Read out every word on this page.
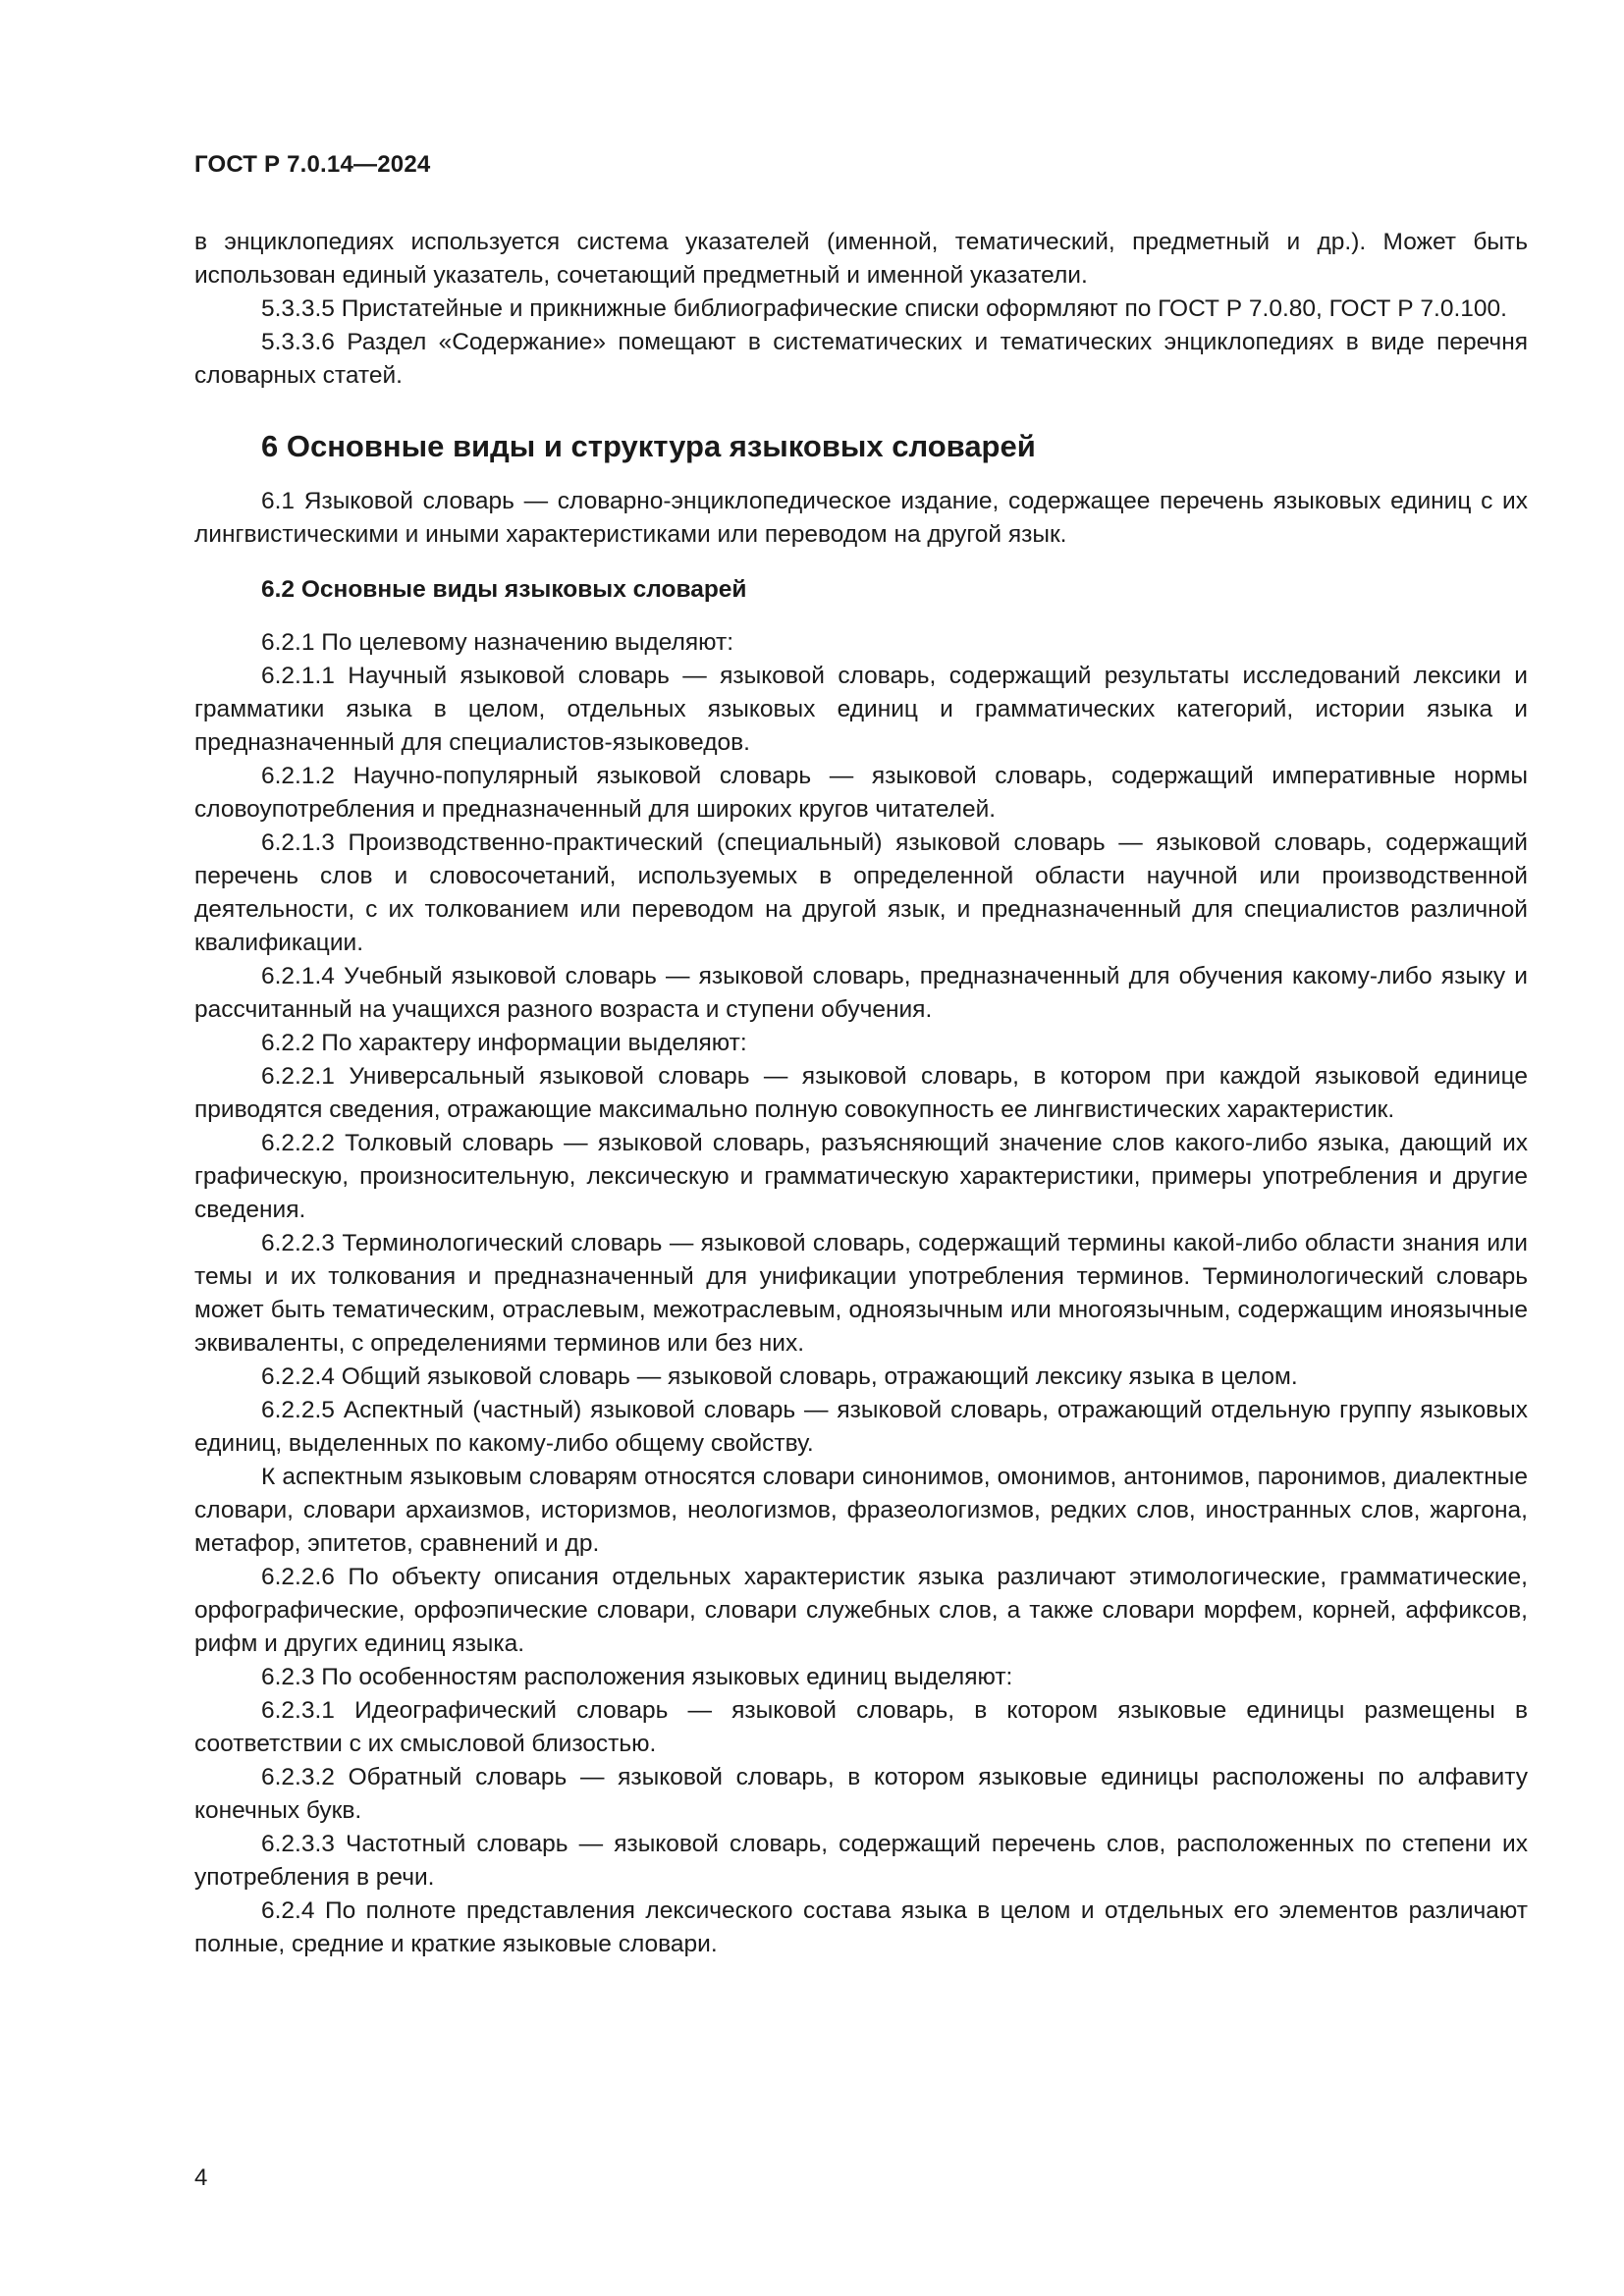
ГОСТ Р 7.0.14—2024

в энциклопедиях используется система указателей (именной, тематический, предметный и др.). Может быть использован единый указатель, сочетающий предметный и именной указатели.

5.3.3.5 Пристатейные и прикнижные библиографические списки оформляют по ГОСТ Р 7.0.80, ГОСТ Р 7.0.100.

5.3.3.6 Раздел «Содержание» помещают в систематических и тематических энциклопедиях в виде перечня словарных статей.

6 Основные виды и структура языковых словарей

6.1 Языковой словарь — словарно-энциклопедическое издание, содержащее перечень языковых единиц с их лингвистическими и иными характеристиками или переводом на другой язык.

6.2 Основные виды языковых словарей

6.2.1 По целевому назначению выделяют:

6.2.1.1 Научный языковой словарь — языковой словарь, содержащий результаты исследований лексики и грамматики языка в целом, отдельных языковых единиц и грамматических категорий, истории языка и предназначенный для специалистов-языковедов.

6.2.1.2 Научно-популярный языковой словарь — языковой словарь, содержащий императивные нормы словоупотребления и предназначенный для широких кругов читателей.

6.2.1.3 Производственно-практический (специальный) языковой словарь — языковой словарь, содержащий перечень слов и словосочетаний, используемых в определенной области научной или производственной деятельности, с их толкованием или переводом на другой язык, и предназначенный для специалистов различной квалификации.

6.2.1.4 Учебный языковой словарь — языковой словарь, предназначенный для обучения какому-либо языку и рассчитанный на учащихся разного возраста и ступени обучения.

6.2.2 По характеру информации выделяют:

6.2.2.1 Универсальный языковой словарь — языковой словарь, в котором при каждой языковой единице приводятся сведения, отражающие максимально полную совокупность ее лингвистических характеристик.

6.2.2.2 Толковый словарь — языковой словарь, разъясняющий значение слов какого-либо языка, дающий их графическую, произносительную, лексическую и грамматическую характеристики, примеры употребления и другие сведения.

6.2.2.3 Терминологический словарь — языковой словарь, содержащий термины какой-либо области знания или темы и их толкования и предназначенный для унификации употребления терминов. Терминологический словарь может быть тематическим, отраслевым, межотраслевым, одноязычным или многоязычным, содержащим иноязычные эквиваленты, с определениями терминов или без них.

6.2.2.4 Общий языковой словарь — языковой словарь, отражающий лексику языка в целом.

6.2.2.5 Аспектный (частный) языковой словарь — языковой словарь, отражающий отдельную группу языковых единиц, выделенных по какому-либо общему свойству.

К аспектным языковым словарям относятся словари синонимов, омонимов, антонимов, паронимов, диалектные словари, словари архаизмов, историзмов, неологизмов, фразеологизмов, редких слов, иностранных слов, жаргона, метафор, эпитетов, сравнений и др.

6.2.2.6 По объекту описания отдельных характеристик языка различают этимологические, грамматические, орфографические, орфоэпические словари, словари служебных слов, а также словари морфем, корней, аффиксов, рифм и других единиц языка.

6.2.3 По особенностям расположения языковых единиц выделяют:

6.2.3.1 Идеографический словарь — языковой словарь, в котором языковые единицы размещены в соответствии с их смысловой близостью.

6.2.3.2 Обратный словарь — языковой словарь, в котором языковые единицы расположены по алфавиту конечных букв.

6.2.3.3 Частотный словарь — языковой словарь, содержащий перечень слов, расположенных по степени их употребления в речи.

6.2.4 По полноте представления лексического состава языка в целом и отдельных его элементов различают полные, средние и краткие языковые словари.

4
